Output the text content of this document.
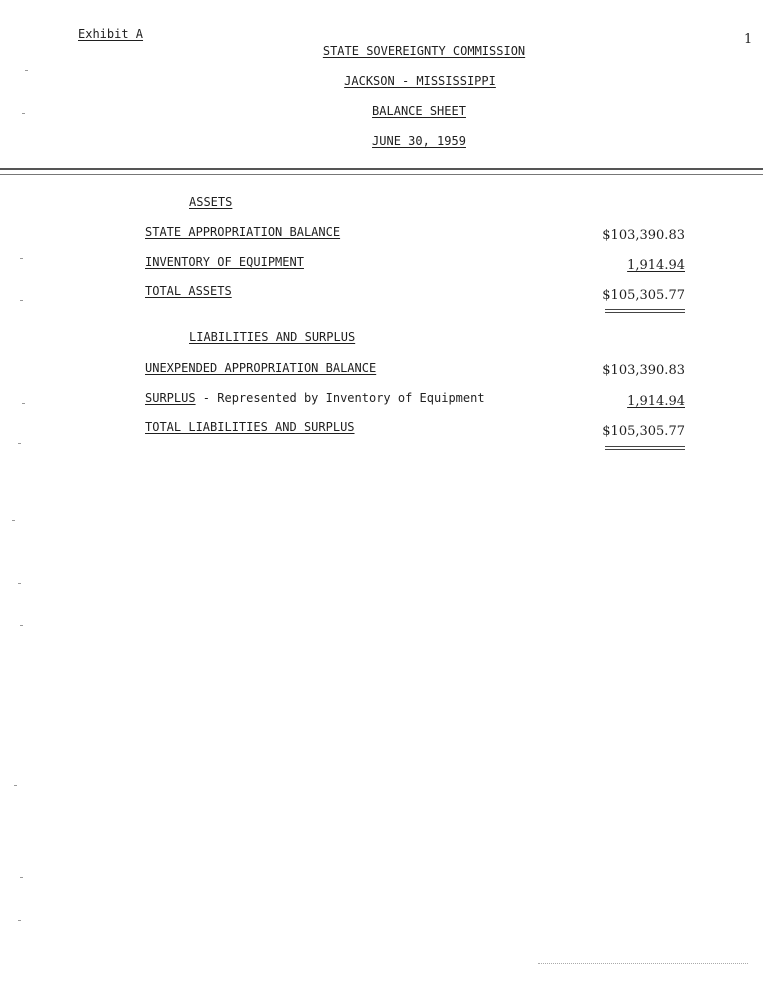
Exhibit A	1
STATE SOVEREIGNTY COMMISSION
JACKSON - MISSISSIPPI
BALANCE SHEET
JUNE 30, 1959
ASSETS
STATE APPROPRIATION BALANCE	$103,390.83
INVENTORY OF EQUIPMENT	1,914.94
TOTAL ASSETS	$105,305.77
LIABILITIES AND SURPLUS
UNEXPENDED APPROPRIATION BALANCE	$103,390.83
SURPLUS - Represented by Inventory of Equipment	1,914.94
TOTAL LIABILITIES AND SURPLUS	$105,305.77
